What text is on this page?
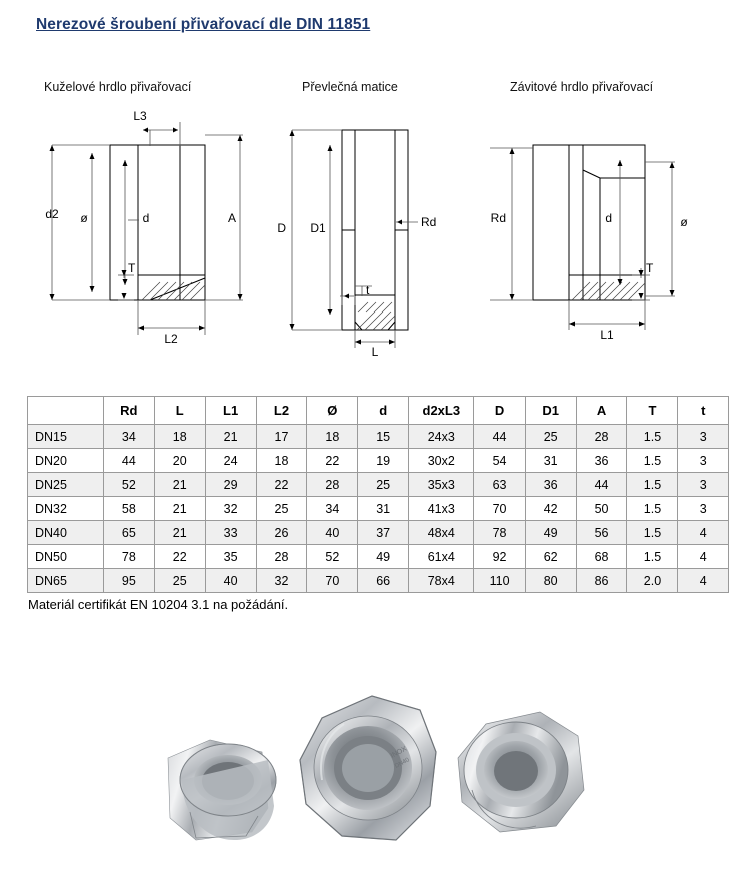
Nerezové šroubení přivařovací dle DIN 11851
Kuželové hrdlo přivařovací	Převlečná matice	Závitové hrdlo přivařovací
L3
d2 ø	d	A
T
L2
D D1	Rd
t
L
Rd	d	ø
T
L1
	Rd	L	L1	L2	Ø	d	d2xL3	D	D1	A	T	t
DN15	34	18	21	17	18	15	24x3	44	25	28	1.5	3
DN20	44	20	24	18	22	19	30x2	54	31	36	1.5	3
DN25	52	21	29	22	28	25	35x3	63	36	44	1.5	3
DN32	58	21	32	25	34	31	41x3	70	42	50	1.5	3
DN40	65	21	33	26	40	37	48x4	78	49	56	1.5	4
DN50	78	22	35	28	52	49	61x4	92	62	68	1.5	4
DN65	95	25	40	32	70	66	78x4	110	80	86	2.0	4
Materiál certifikát EN 10204 3.1 na požádání.
INOX
DN40
